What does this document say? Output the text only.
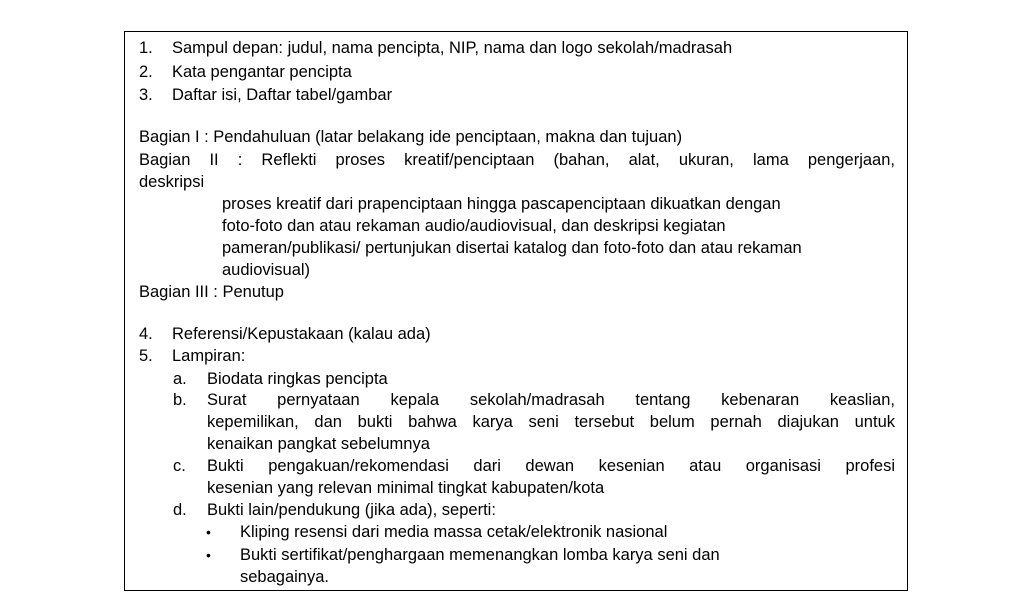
1. Sampul depan: judul, nama pencipta, NIP, nama dan logo sekolah/madrasah
2. Kata pengantar pencipta
3. Daftar isi, Daftar tabel/gambar
Bagian I : Pendahuluan (latar belakang ide penciptaan, makna dan tujuan)
Bagian II : Reflekti proses kreatif/penciptaan (bahan, alat, ukuran, lama pengerjaan,
deskripsi
proses kreatif dari prapenciptaan hingga pascapenciptaan dikuatkan dengan
foto-foto dan atau rekaman audio/audiovisual, dan deskripsi kegiatan
pameran/publikasi/ pertunjukan disertai katalog dan foto-foto dan atau rekaman
audiovisual)
Bagian III : Penutup
4. Referensi/Kepustakaan (kalau ada)
5. Lampiran:
a. Biodata ringkas pencipta
b. Surat pernyataan kepala sekolah/madrasah tentang kebenaran keaslian,
kepemilikan, dan bukti bahwa karya seni tersebut belum pernah diajukan untuk
kenaikan pangkat sebelumnya
c. Bukti pengakuan/rekomendasi dari dewan kesenian atau organisasi profesi
kesenian yang relevan minimal tingkat kabupaten/kota
d. Bukti lain/pendukung (jika ada), seperti:
• Kliping resensi dari media massa cetak/elektronik nasional
• Bukti sertifikat/penghargaan memenangkan lomba karya seni dan
sebagainya.
